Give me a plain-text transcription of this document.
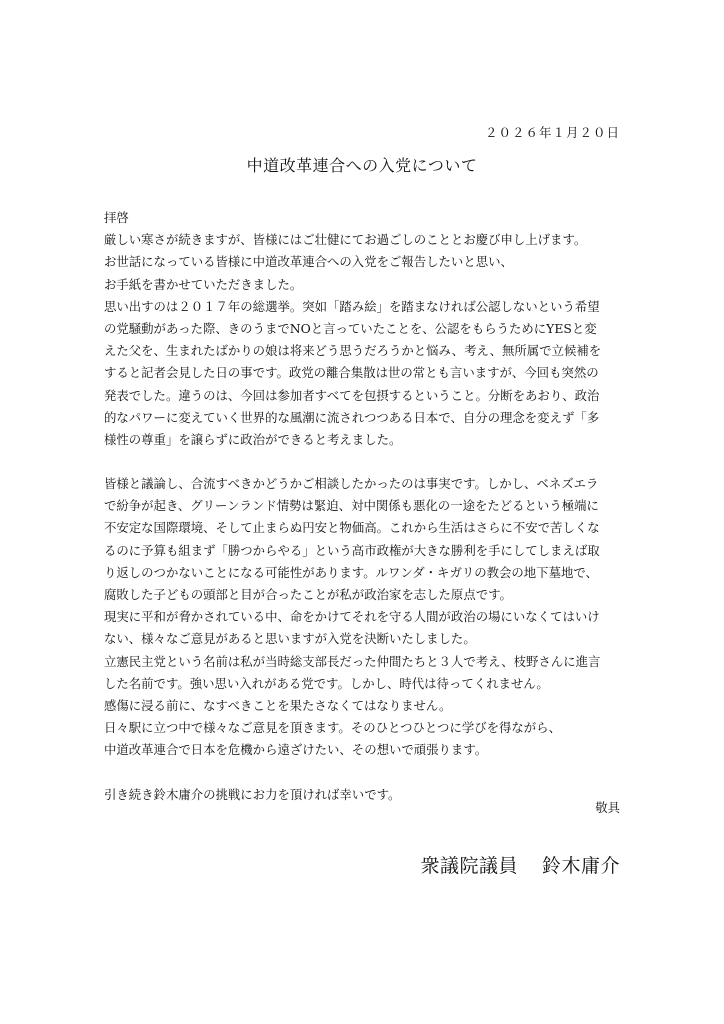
２０２６年１月２０日
中道改革連合への入党について
拝啓
厳しい寒さが続きますが、皆様にはご壮健にてお過ごしのこととお慶び申し上げます。
お世話になっている皆様に中道改革連合への入党をご報告したいと思い、
お手紙を書かせていただきました。
思い出すのは２０１７年の総選挙。突如「踏み絵」を踏まなければ公認しないという希望
の党騒動があった際、きのうまでNOと言っていたことを、公認をもらうためにYESと変
えた父を、生まれたばかりの娘は将来どう思うだろうかと悩み、考え、無所属で立候補を
すると記者会見した日の事です。政党の離合集散は世の常とも言いますが、今回も突然の
発表でした。違うのは、今回は参加者すべてを包摂するということ。分断をあおり、政治
的なパワーに変えていく世界的な風潮に流されつつある日本で、自分の理念を変えず「多
様性の尊重」を譲らずに政治ができると考えました。
皆様と議論し、合流すべきかどうかご相談したかったのは事実です。しかし、ベネズエラ
で紛争が起き、グリーンランド情勢は緊迫、対中関係も悪化の一途をたどるという極端に
不安定な国際環境、そして止まらぬ円安と物価高。これから生活はさらに不安で苦しくな
るのに予算も組まず「勝つからやる」という高市政権が大きな勝利を手にしてしまえば取
り返しのつかないことになる可能性があります。ルワンダ・キガリの教会の地下墓地で、
腐敗した子どもの頭部と目が合ったことが私が政治家を志した原点です。
現実に平和が脅かされている中、命をかけてそれを守る人間が政治の場にいなくてはいけ
ない、様々なご意見があると思いますが入党を決断いたしました。
立憲民主党という名前は私が当時総支部長だった仲間たちと３人で考え、枝野さんに進言
した名前です。強い思い入れがある党です。しかし、時代は待ってくれません。
感傷に浸る前に、なすべきことを果たさなくてはなりません。
日々駅に立つ中で様々なご意見を頂きます。そのひとつひとつに学びを得ながら、
中道改革連合で日本を危機から遠ざけたい、その想いで頑張ります。
引き続き鈴木庸介の挑戦にお力を頂ければ幸いです。
敬具
衆議院議員 鈴木庸介
